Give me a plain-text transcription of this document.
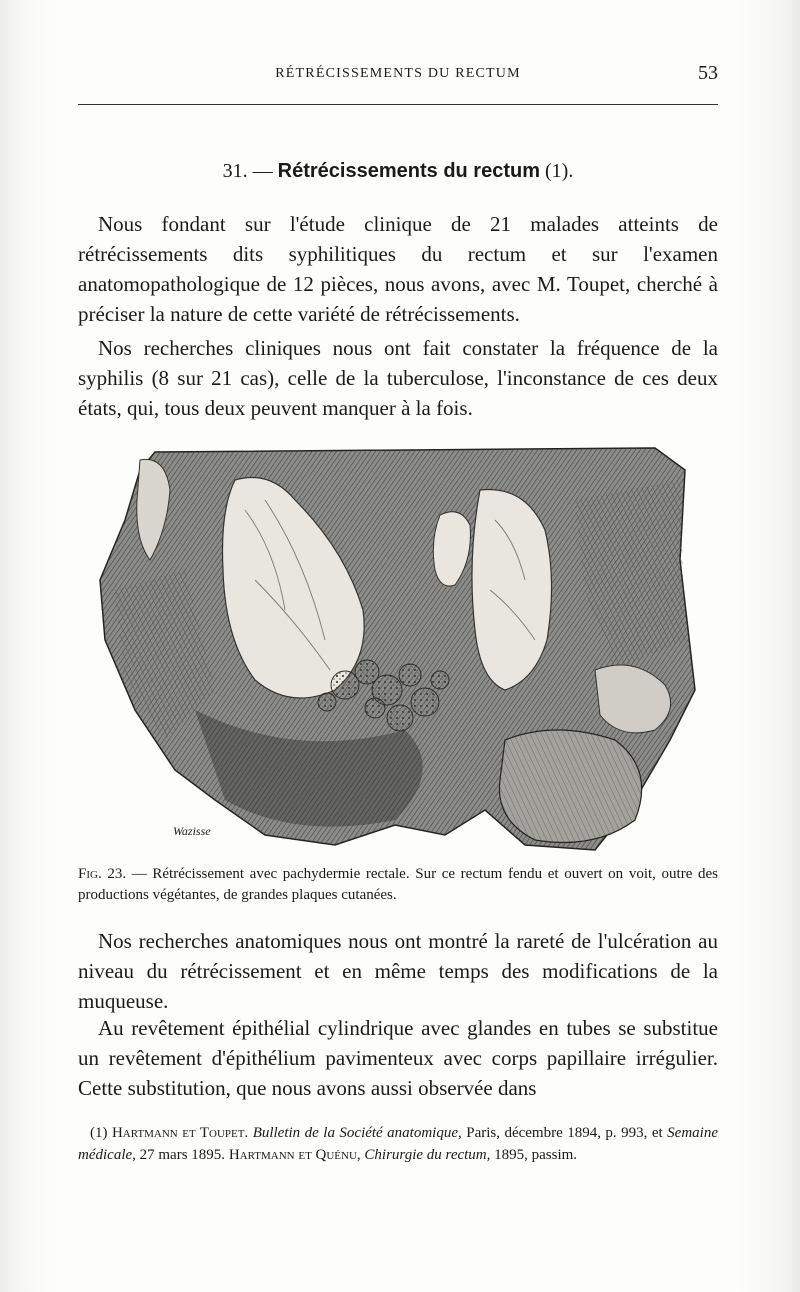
RÉTRÉCISSEMENTS DU RECTUM	53
31. — Rétrécissements du rectum (1).

Nous fondant sur l'étude clinique de 21 malades atteints de rétrécissements dits syphilitiques du rectum et sur l'examen anatomopathologique de 12 pièces, nous avons, avec M. Toupet, cherché à préciser la nature de cette variété de rétrécissements.

Nos recherches cliniques nous ont fait constater la fréquence de la syphilis (8 sur 21 cas), celle de la tuberculose, l'inconstance de ces deux états, qui, tous deux peuvent manquer à la fois.

Wazisse

Fig. 23. — Rétrécissement avec pachydermie rectale. Sur ce rectum fendu et ouvert on voit, outre des productions végétantes, de grandes plaques cutanées.

Nos recherches anatomiques nous ont montré la rareté de l'ulcération au niveau du rétrécissement et en même temps des modifications de la muqueuse.

Au revêtement épithélial cylindrique avec glandes en tubes se substitue un revêtement d'épithélium pavimenteux avec corps papillaire irrégulier. Cette substitution, que nous avons aussi observée dans

(1) Hartmann et Toupet. Bulletin de la Société anatomique, Paris, décembre 1894, p. 993, et Semaine médicale, 27 mars 1895. Hartmann et Quénu, Chirurgie du rectum, 1895, passim.
